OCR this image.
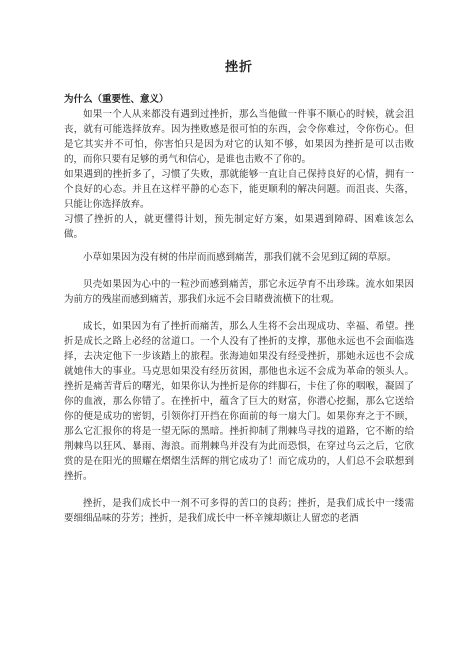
挫折
为什么（重要性、意义）

如果一个人从来都没有遇到过挫折，那么当他做一件事不顺心的时候，就会沮丧，就有可能选择放弃。因为挫败感是很可怕的东西，会令你难过，令你伤心。但是它其实并不可怕，你害怕只是因为对它的认知不够，如果因为挫折是可以击败的，而你只要有足够的勇气和信心，是谁也击败不了你的。

如果遇到的挫折多了，习惯了失败，那就能够一直让自己保持良好的心情，拥有一个良好的心态。并且在这样平静的心态下，能更顺利的解决问题。而沮丧、失落，只能让你选择放弃。

习惯了挫折的人，就更懂得计划，预先制定好方案，如果遇到障碍、困难该怎么做。

小草如果因为没有树的伟岸而而感到痛苦，那我们就不会见到辽阔的草原。

贝壳如果因为心中的一粒沙而感到痛苦，那它永远孕育不出珍珠。流水如果因为前方的残崖而感到痛苦，那我们永远不会目睹费流横下的壮观。

成长，如果因为有了挫折而痛苦，那么人生将不会出现成功、幸福、希望。挫折是成长之路上必经的岔道口。一个人没有了挫折的支撑，那他永远也不会面临选择，去决定他下一步该踏上的旅程。张海迪如果没有经受挫折，那她永远也不会成就她伟大的事业。马克思如果没有经历贫困，那他也永远不会成为革命的领头人。挫折是痛苦背后的曙光，如果你认为挫折是你的绊脚石，卡住了你的咽喉，凝固了你的血液，那么你错了。在挫折中，蕴含了巨大的财富，你潜心挖掘，那么它送给你的便是成功的密钥，引领你打开挡在你面前的每一扇大门。如果你弃之于不顾，那么它汇报你的将是一望无际的黑暗。挫折抑制了荆棘鸟寻找的道路，它不断的给荆棘鸟以狂风、暴雨、海浪。而荆棘鸟并没有为此而恐惧，在穿过乌云之后，它欣赏的是在阳光的照耀在熠熠生活辉的荆它成功了！而它成功的，人们总不会联想到挫折。

挫折，是我们成长中一剂不可多得的苦口的良药；挫折，是我们成长中一缕需要细细品味的芬芳；挫折，是我们成长中一杯辛辣却颇让人留恋的老酒
